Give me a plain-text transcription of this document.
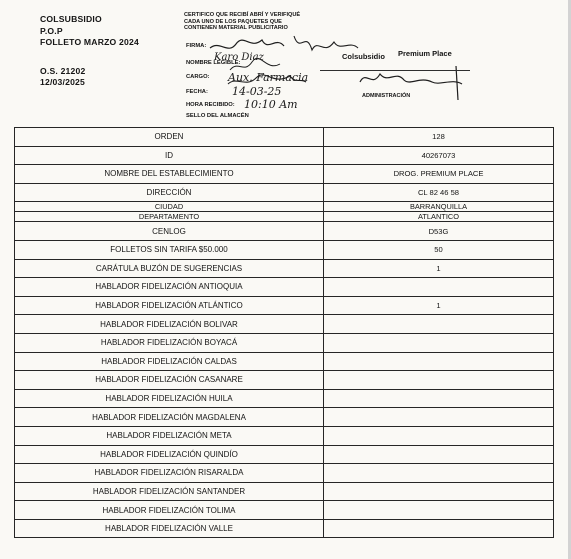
COLSUBSIDIO
P.O.P
FOLLETO MARZO 2024
O.S. 21202
12/03/2025
CERTIFICO QUE RECIBÍ ABRÍ Y VERIFIQUÉ CADA UNO DE LOS PAQUETES QUE CONTIENEN MATERIAL PUBLICITARIO
FIRMA:
NOMBRE LEGIBLE:
CARGO:
FECHA:
HORA RECIBIDO:
SELLO DEL ALMACÉN
Colsubsidio Premium Place
ADMINISTRACIÓN
Karo Diaz
Aux. Farmacia
14-03-25
10:10 Am
ORDEN	128
ID	40267073
NOMBRE DEL ESTABLECIMIENTO	DROG. PREMIUM PLACE
DIRECCIÓN	CL 82 46 58
CIUDAD	BARRANQUILLA
DEPARTAMENTO	ATLANTICO
CENLOG	D53G
FOLLETOS SIN TARIFA $50.000	50
CARÁTULA BUZÓN DE SUGERENCIAS	1
HABLADOR FIDELIZACIÓN ANTIOQUIA	
HABLADOR FIDELIZACIÓN ATLÁNTICO	1
HABLADOR FIDELIZACIÓN BOLIVAR	
HABLADOR FIDELIZACIÓN BOYACÁ	
HABLADOR FIDELIZACIÓN CALDAS	
HABLADOR FIDELIZACIÓN CASANARE	
HABLADOR FIDELIZACIÓN HUILA	
HABLADOR FIDELIZACIÓN MAGDALENA	
HABLADOR FIDELIZACIÓN META	
HABLADOR FIDELIZACIÓN QUINDÍO	
HABLADOR FIDELIZACIÓN RISARALDA	
HABLADOR FIDELIZACIÓN SANTANDER	
HABLADOR FIDELIZACIÓN TOLIMA	
HABLADOR FIDELIZACIÓN VALLE	
